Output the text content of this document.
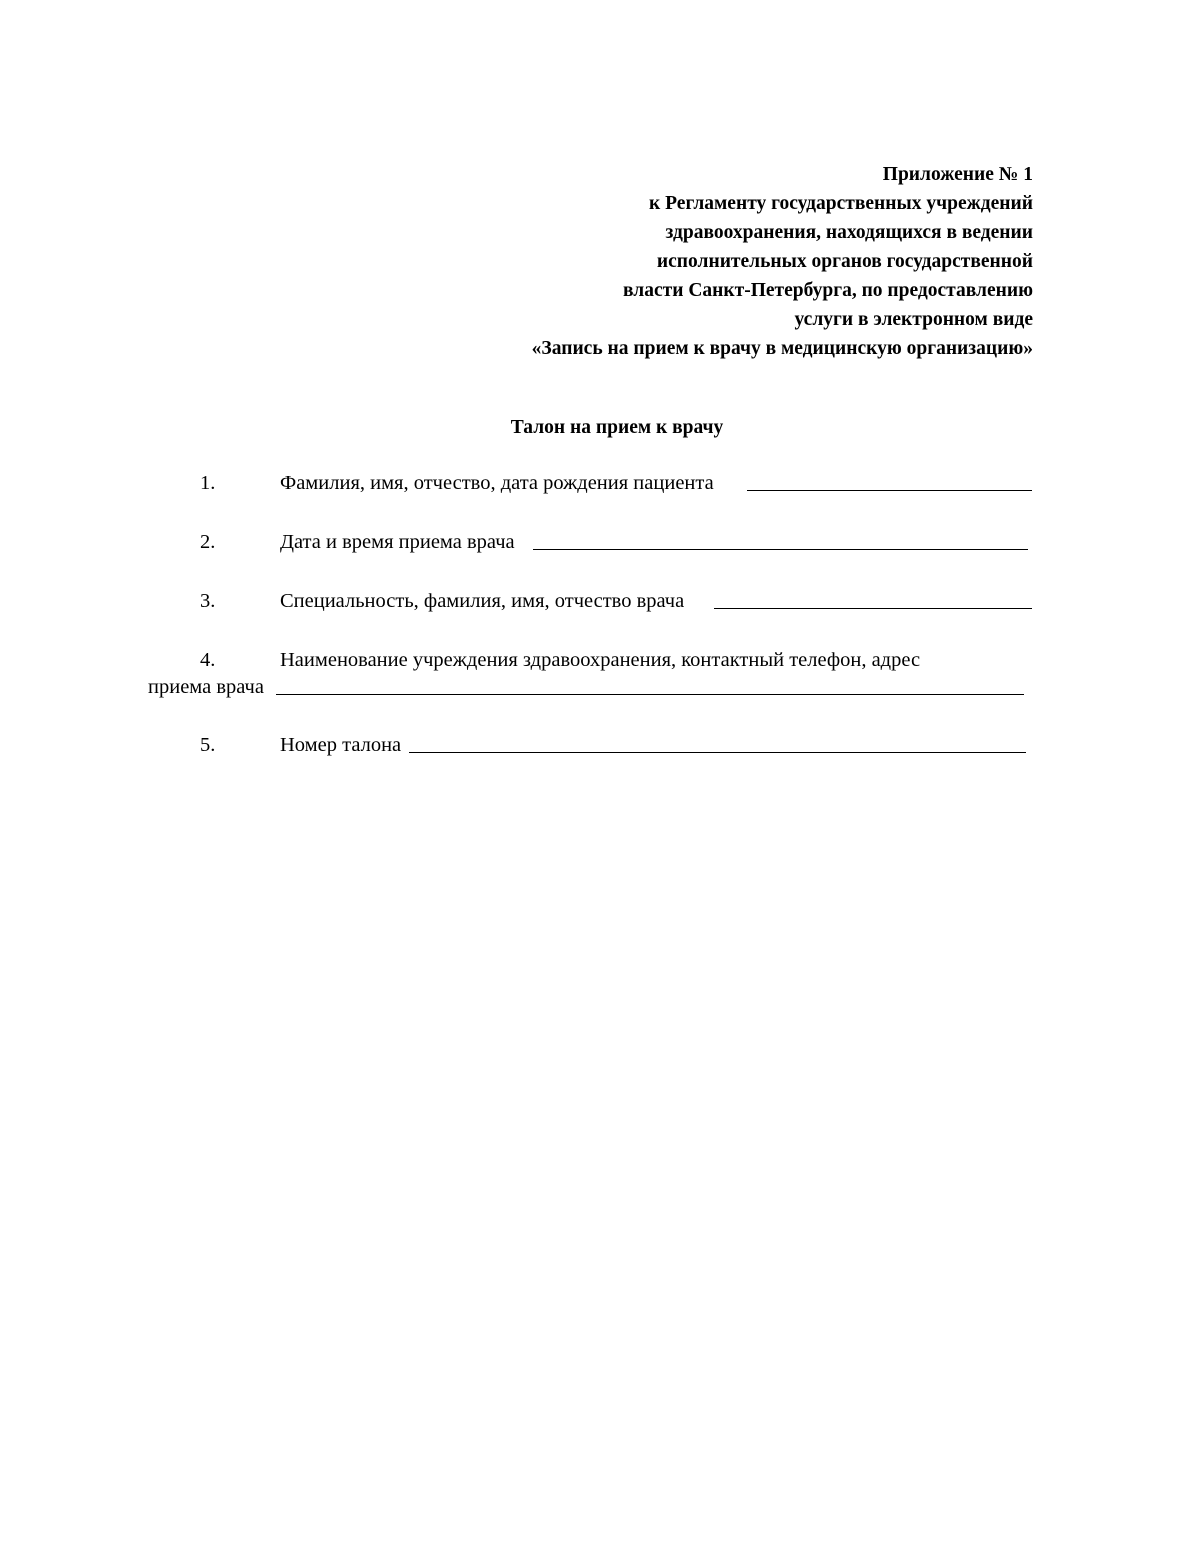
Приложение № 1
к Регламенту государственных учреждений
здравоохранения, находящихся в ведении
исполнительных органов государственной
власти Санкт-Петербурга, по предоставлению
услуги в электронном виде
«Запись на прием к врачу в медицинскую организацию»
Талон на прием к врачу
1.	Фамилия, имя, отчество, дата рождения пациента
2.	Дата и время приема врача
3.	Специальность, фамилия, имя, отчество врача
4.	Наименование учреждения здравоохранения, контактный телефон, адрес
приема врача
5.	Номер талона
